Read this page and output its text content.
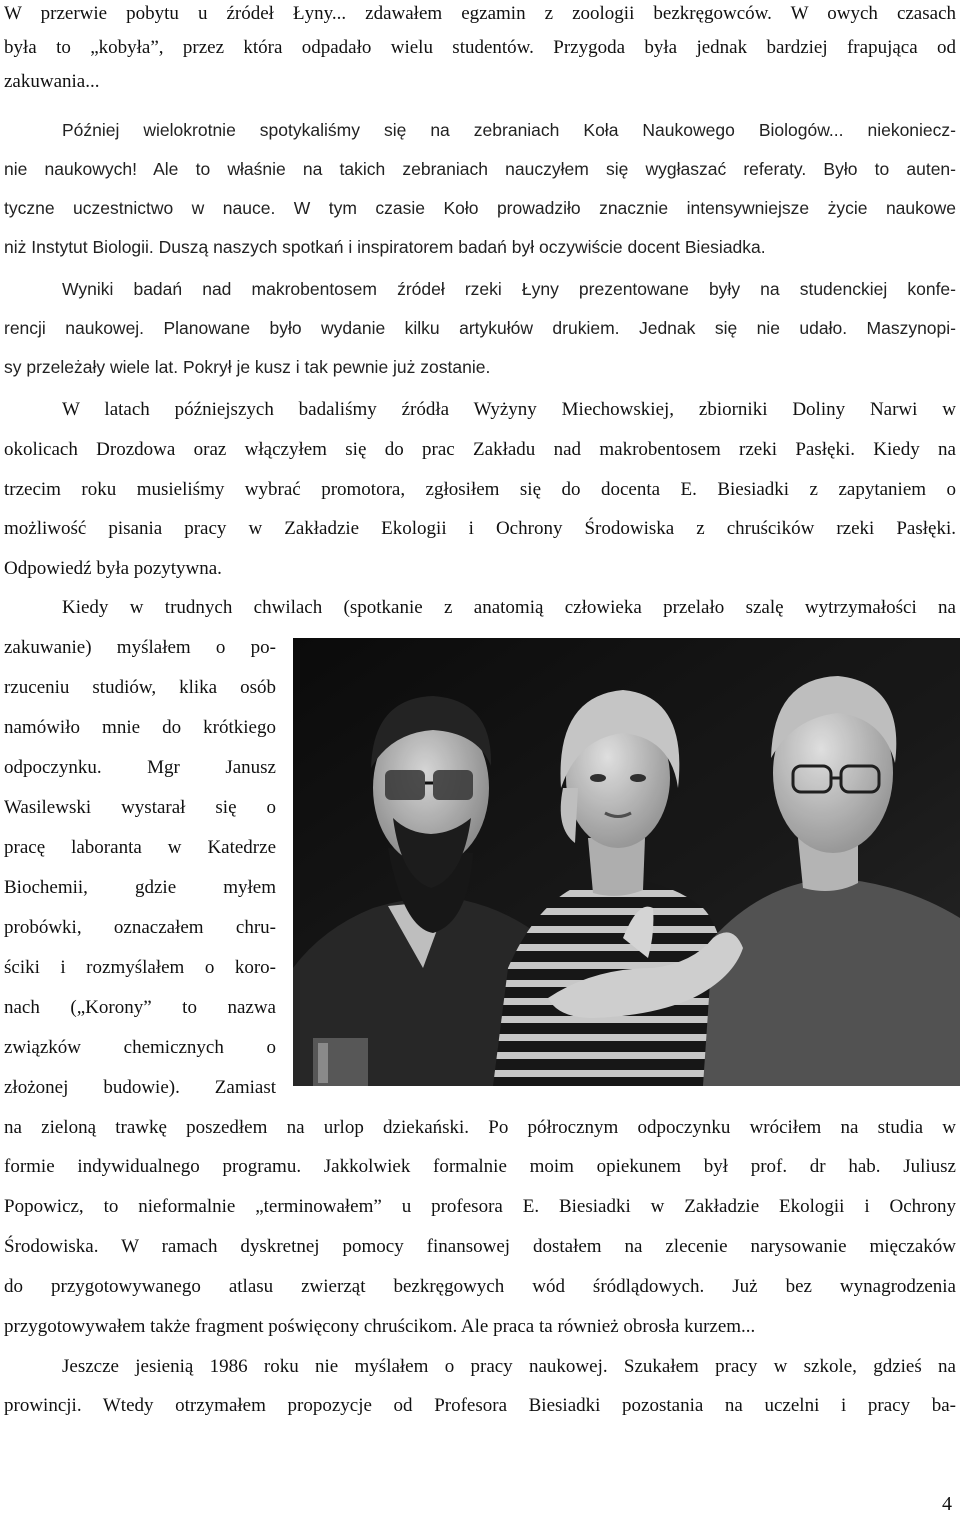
W przerwie pobytu u źródeł Łyny... zdawałem egzamin z zoologii bezkręgowców. W owych czasach
była to „kobyła”, przez która odpadało wielu studentów. Przygoda była jednak bardziej frapująca od
zakuwania...
Później wielokrotnie spotykaliśmy się na zebraniach Koła Naukowego Biologów... niekoniecz-
nie naukowych! Ale to właśnie na takich zebraniach nauczyłem się wygłaszać referaty. Było to auten-
tyczne uczestnictwo w nauce. W tym czasie Koło prowadziło znacznie intensywniejsze życie naukowe
niż Instytut Biologii. Duszą naszych spotkań i inspiratorem badań był oczywiście docent Biesiadka.
Wyniki badań nad makrobentosem źródeł rzeki Łyny prezentowane były na studenckiej konfe-
rencji naukowej. Planowane było wydanie kilku artykułów drukiem. Jednak się nie udało. Maszynopi-
sy przeleżały wiele lat. Pokrył je kusz i tak pewnie już zostanie.
W latach późniejszych badaliśmy źródła Wyżyny Miechowskiej, zbiorniki Doliny Narwi w
okolicach Drozdowa oraz włączyłem się do prac Zakładu nad makrobentosem rzeki Pasłęki. Kiedy na
trzecim roku musieliśmy wybrać promotora, zgłosiłem się do docenta E. Biesiadki z zapytaniem o
możliwość pisania pracy w Zakładzie Ekologii i Ochrony Środowiska z chruścików rzeki Pasłęki.
Odpowiedź była pozytywna.
Kiedy w trudnych chwilach (spotkanie z anatomią człowieka przelało szalę wytrzymałości na
zakuwanie) myślałem o po-
rzuceniu studiów, klika osób
namówiło mnie do krótkiego
odpoczynku. Mgr Janusz
Wasilewski wystarał się o
pracę laboranta w Katedrze
Biochemii, gdzie myłem
probówki, oznaczałem chru-
ściki i rozmyślałem o koro-
nach („Korony” to nazwa
związków chemicznych o
złożonej budowie). Zamiast
na zieloną trawkę poszedłem na urlop dziekański. Po półrocznym odpoczynku wróciłem na studia w
formie indywidualnego programu. Jakkolwiek formalnie moim opiekunem był prof. dr hab. Juliusz
Popowicz, to nieformalnie „terminowałem” u profesora E. Biesiadki w Zakładzie Ekologii i Ochrony
Środowiska. W ramach dyskretnej pomocy finansowej dostałem na zlecenie narysowanie mięczaków
do przygotowywanego atlasu zwierząt bezkręgowych wód śródlądowych. Już bez wynagrodzenia
przygotowywałem także fragment poświęcony chruścikom. Ale praca ta również obrosła kurzem...
Jeszcze jesienią 1986 roku nie myślałem o pracy naukowej. Szukałem pracy w szkole, gdzieś na
prowincji. Wtedy otrzymałem propozycje od Profesora Biesiadki pozostania na uczelni i pracy ba-
4
